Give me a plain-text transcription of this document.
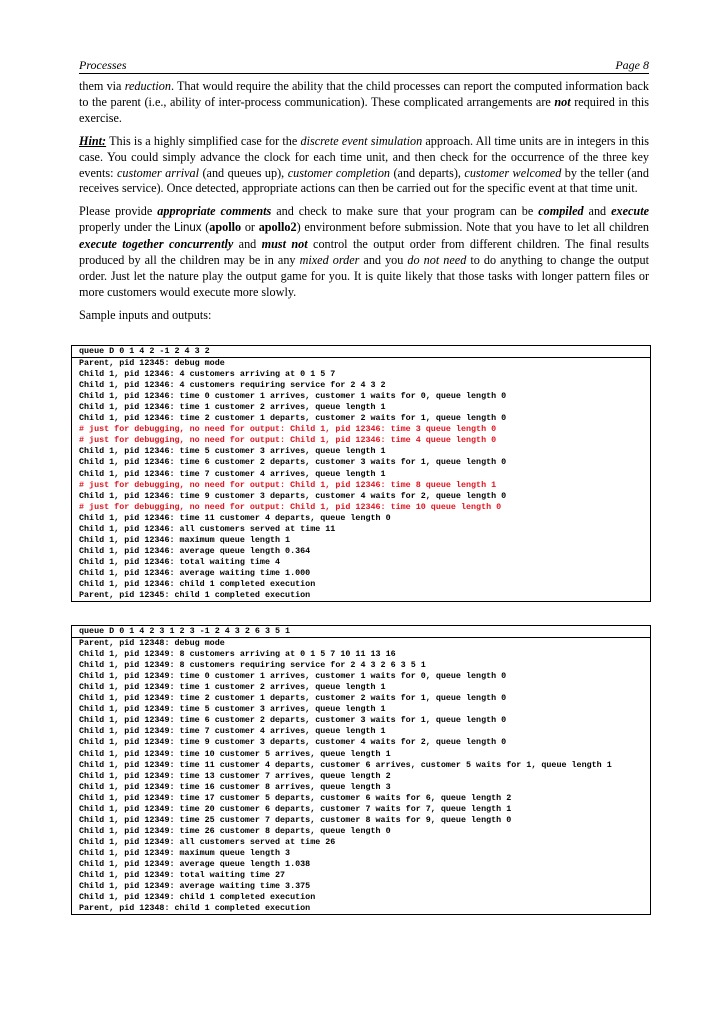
Processes	Page 8

them via reduction. That would require the ability that the child processes can report the computed information back to the parent (i.e., ability of inter-process communication). These complicated arrangements are not required in this exercise.

Hint: This is a highly simplified case for the discrete event simulation approach. All time units are in integers in this case. You could simply advance the clock for each time unit, and then check for the occurrence of the three key events: customer arrival (and queues up), customer completion (and departs), customer welcomed by the teller (and receives service). Once detected, appropriate actions can then be carried out for the specific event at that time unit.

Please provide appropriate comments and check to make sure that your program can be compiled and execute properly under the Linux (apollo or apollo2) environment before submission. Note that you have to let all children execute together concurrently and must not control the output order from different children. The final results produced by all the children may be in any mixed order and you do not need to do anything to change the output order. Just let the nature play the output game for you. It is quite likely that those tasks with longer pattern files or more customers would execute more slowly.

Sample inputs and outputs:

queue D 0 1 4 2 -1 2 4 3 2
Parent, pid 12345: debug mode
Child 1, pid 12346: 4 customers arriving at 0 1 5 7
Child 1, pid 12346: 4 customers requiring service for 2 4 3 2
Child 1, pid 12346: time 0 customer 1 arrives, customer 1 waits for 0, queue length 0
Child 1, pid 12346: time 1 customer 2 arrives, queue length 1
Child 1, pid 12346: time 2 customer 1 departs, customer 2 waits for 1, queue length 0
# just for debugging, no need for output: Child 1, pid 12346: time 3 queue length 0
# just for debugging, no need for output: Child 1, pid 12346: time 4 queue length 0
Child 1, pid 12346: time 5 customer 3 arrives, queue length 1
Child 1, pid 12346: time 6 customer 2 departs, customer 3 waits for 1, queue length 0
Child 1, pid 12346: time 7 customer 4 arrives, queue length 1
# just for debugging, no need for output: Child 1, pid 12346: time 8 queue length 1
Child 1, pid 12346: time 9 customer 3 departs, customer 4 waits for 2, queue length 0
# just for debugging, no need for output: Child 1, pid 12346: time 10 queue length 0
Child 1, pid 12346: time 11 customer 4 departs, queue length 0
Child 1, pid 12346: all customers served at time 11
Child 1, pid 12346: maximum queue length 1
Child 1, pid 12346: average queue length 0.364
Child 1, pid 12346: total waiting time 4
Child 1, pid 12346: average waiting time 1.000
Child 1, pid 12346: child 1 completed execution
Parent, pid 12345: child 1 completed execution
queue D 0 1 4 2 3 1 2 3 -1 2 4 3 2 6 3 5 1
Parent, pid 12348: debug mode
Child 1, pid 12349: 8 customers arriving at 0 1 5 7 10 11 13 16
Child 1, pid 12349: 8 customers requiring service for 2 4 3 2 6 3 5 1
Child 1, pid 12349: time 0 customer 1 arrives, customer 1 waits for 0, queue length 0
Child 1, pid 12349: time 1 customer 2 arrives, queue length 1
Child 1, pid 12349: time 2 customer 1 departs, customer 2 waits for 1, queue length 0
Child 1, pid 12349: time 5 customer 3 arrives, queue length 1
Child 1, pid 12349: time 6 customer 2 departs, customer 3 waits for 1, queue length 0
Child 1, pid 12349: time 7 customer 4 arrives, queue length 1
Child 1, pid 12349: time 9 customer 3 departs, customer 4 waits for 2, queue length 0
Child 1, pid 12349: time 10 customer 5 arrives, queue length 1
Child 1, pid 12349: time 11 customer 4 departs, customer 6 arrives, customer 5 waits for 1, queue length 1
Child 1, pid 12349: time 13 customer 7 arrives, queue length 2
Child 1, pid 12349: time 16 customer 8 arrives, queue length 3
Child 1, pid 12349: time 17 customer 5 departs, customer 6 waits for 6, queue length 2
Child 1, pid 12349: time 20 customer 6 departs, customer 7 waits for 7, queue length 1
Child 1, pid 12349: time 25 customer 7 departs, customer 8 waits for 9, queue length 0
Child 1, pid 12349: time 26 customer 8 departs, queue length 0
Child 1, pid 12349: all customers served at time 26
Child 1, pid 12349: maximum queue length 3
Child 1, pid 12349: average queue length 1.038
Child 1, pid 12349: total waiting time 27
Child 1, pid 12349: average waiting time 3.375
Child 1, pid 12349: child 1 completed execution
Parent, pid 12348: child 1 completed execution
